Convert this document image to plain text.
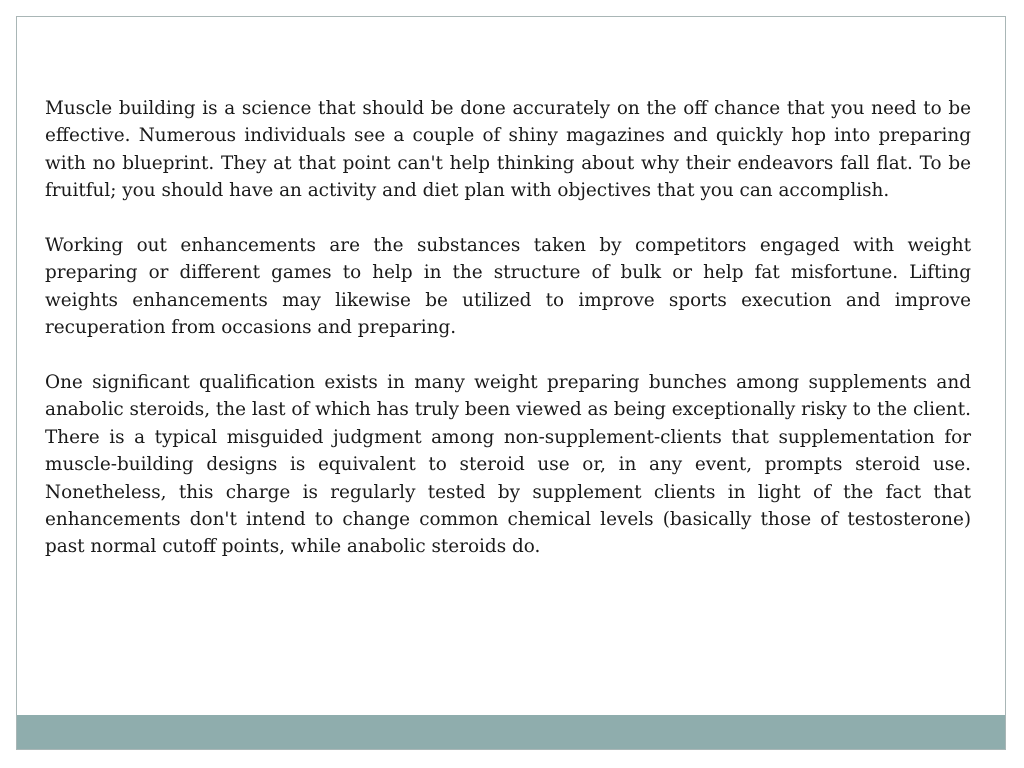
Muscle building is a science that should be done accurately on the off chance that you need to be effective. Numerous individuals see a couple of shiny magazines and quickly hop into preparing with no blueprint. They at that point can't help thinking about why their endeavors fall flat. To be fruitful; you should have an activity and diet plan with objectives that you can accomplish.

Working out enhancements are the substances taken by competitors engaged with weight preparing or different games to help in the structure of bulk or help fat misfortune. Lifting weights enhancements may likewise be utilized to improve sports execution and improve recuperation from occasions and preparing.

One significant qualification exists in many weight preparing bunches among supplements and anabolic steroids, the last of which has truly been viewed as being exceptionally risky to the client. There is a typical misguided judgment among non-supplement-clients that supplementation for muscle-building designs is equivalent to steroid use or, in any event, prompts steroid use. Nonetheless, this charge is regularly tested by supplement clients in light of the fact that enhancements don't intend to change common chemical levels (basically those of testosterone) past normal cutoff points, while anabolic steroids do.
